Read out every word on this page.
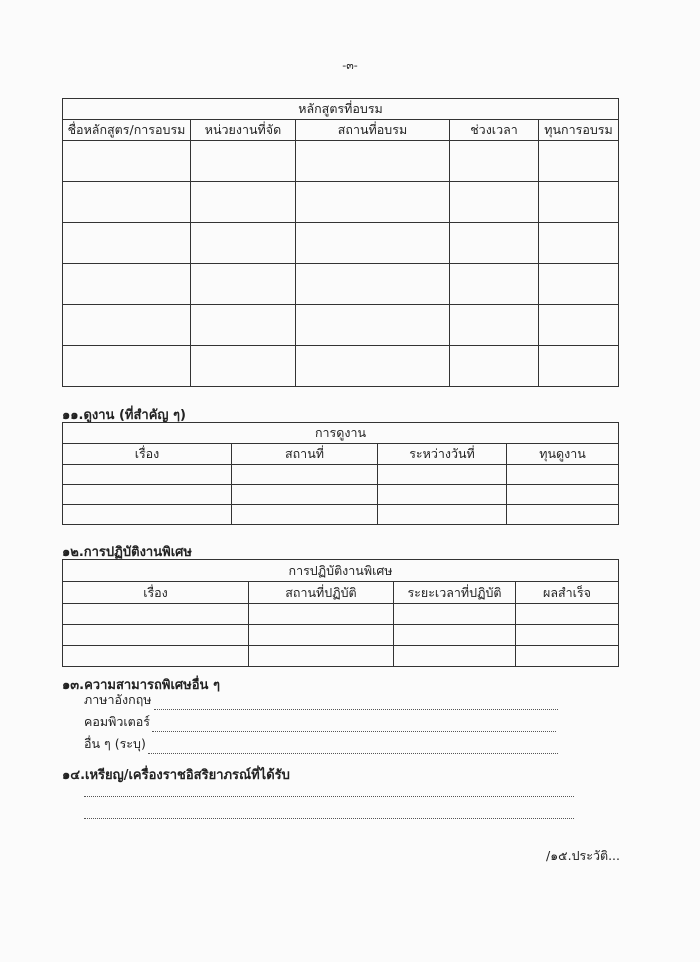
-๓-
หลักสูตรที่อบรม				
ชื่อหลักสูตร/การอบรม	หน่วยงานที่จัด	สถานที่อบรม	ช่วงเวลา	ทุนการอบรม

๑๑.ดูงาน (ที่สำคัญ ๆ)
การดูงาน			
เรื่อง	สถานที่	ระหว่างวันที่	ทุนดูงาน

๑๒.การปฏิบัติงานพิเศษ
การปฏิบัติงานพิเศษ			
เรื่อง	สถานที่ปฏิบัติ	ระยะเวลาที่ปฏิบัติ	ผลสำเร็จ

๑๓.ความสามารถพิเศษอื่น ๆ
ภาษาอังกฤษ
คอมพิวเตอร์
อื่น ๆ (ระบุ)
๑๔.เหรียญ/เครื่องราชอิสริยาภรณ์ที่ได้รับ
/๑๕.ประวัติ...
